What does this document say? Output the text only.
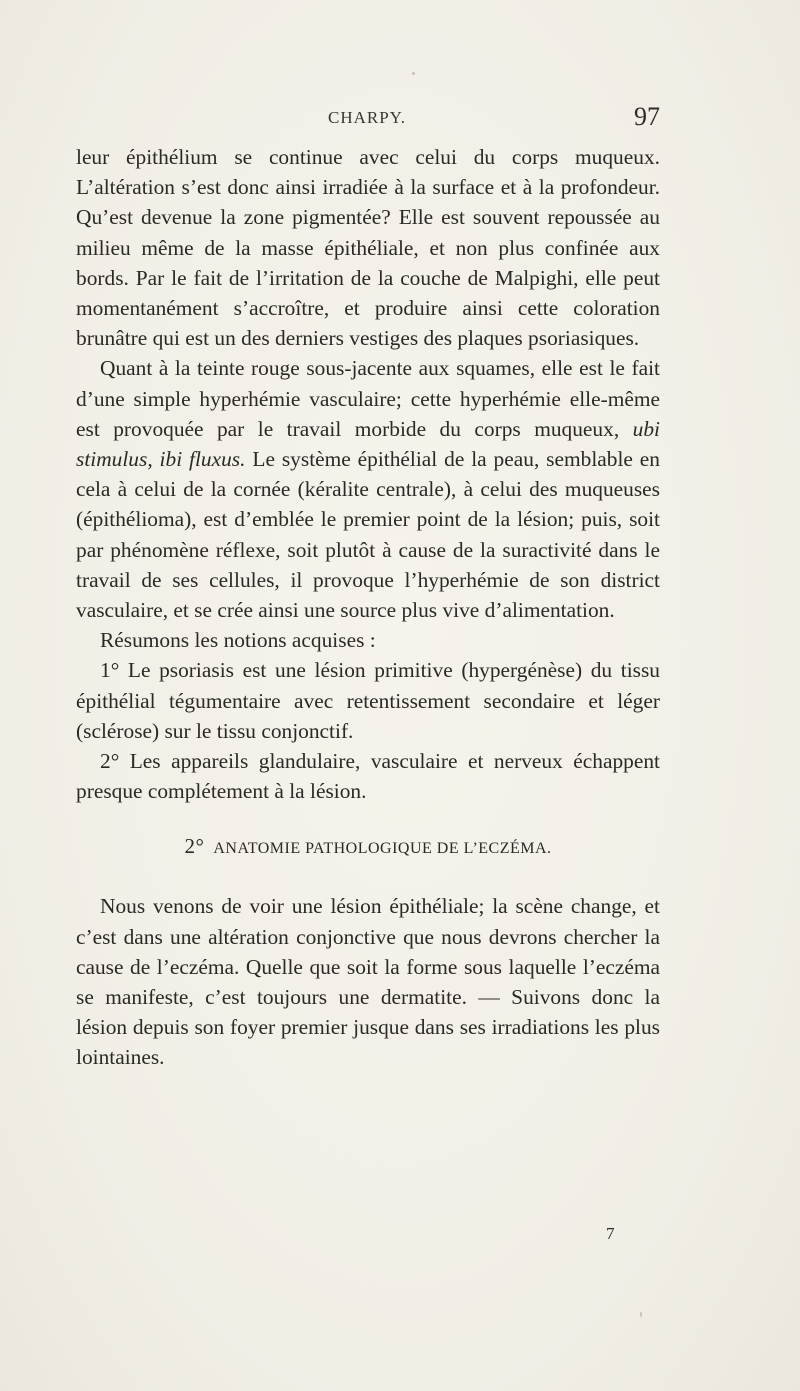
CHARPY.	97

leur épithélium se continue avec celui du corps muqueux. L’altération s’est donc ainsi irradiée à la surface et à la profondeur. Qu’est devenue la zone pigmentée? Elle est souvent repoussée au milieu même de la masse épithéliale, et non plus confinée aux bords. Par le fait de l’irritation de la couche de Malpighi, elle peut momentanément s’accroître, et produire ainsi cette coloration brunâtre qui est un des derniers vestiges des plaques psoriasiques.

Quant à la teinte rouge sous-jacente aux squames, elle est le fait d’une simple hyperhémie vasculaire; cette hyperhémie elle-même est provoquée par le travail morbide du corps muqueux, ubi stimulus, ibi fluxus. Le système épithélial de la peau, semblable en cela à celui de la cornée (kéralite centrale), à celui des muqueuses (épithélioma), est d’emblée le premier point de la lésion; puis, soit par phénomène réflexe, soit plutôt à cause de la suractivité dans le travail de ses cellules, il provoque l’hyperhémie de son district vasculaire, et se crée ainsi une source plus vive d’alimentation.

Résumons les notions acquises :

1° Le psoriasis est une lésion primitive (hypergénèse) du tissu épithélial tégumentaire avec retentissement secondaire et léger (sclérose) sur le tissu conjonctif.

2° Les appareils glandulaire, vasculaire et nerveux échappent presque complétement à la lésion.

2° ANATOMIE PATHOLOGIQUE DE L’ECZÉMA.

Nous venons de voir une lésion épithéliale; la scène change, et c’est dans une altération conjonctive que nous devrons chercher la cause de l’eczéma. Quelle que soit la forme sous laquelle l’eczéma se manifeste, c’est toujours une dermatite. — Suivons donc la lésion depuis son foyer premier jusque dans ses irradiations les plus lointaines.

7
